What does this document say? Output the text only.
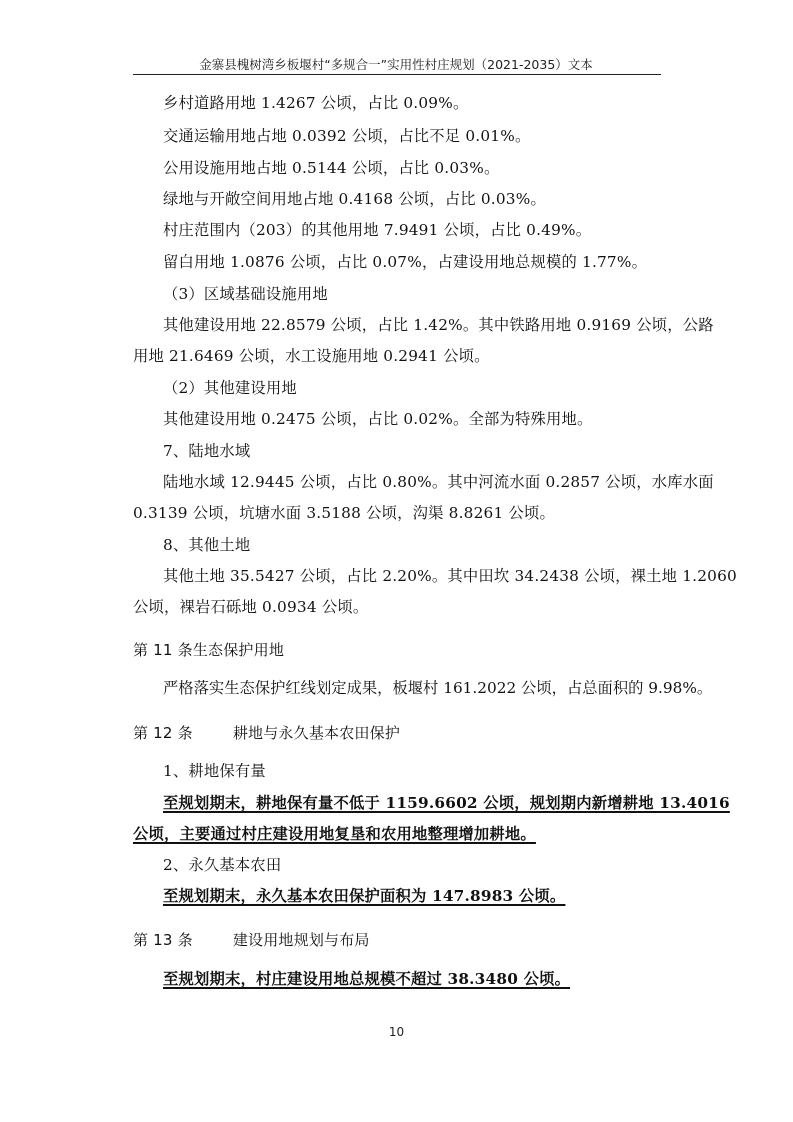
金寨县槐树湾乡板堰村“多规合一”实用性村庄规划（2021-2035）文本
乡村道路用地 1.4267 公顷，占比 0.09%。
交通运输用地占地 0.0392 公顷，占比不足 0.01%。
公用设施用地占地 0.5144 公顷，占比 0.03%。
绿地与开敞空间用地占地 0.4168 公顷，占比 0.03%。
村庄范围内（203）的其他用地 7.9491 公顷，占比 0.49%。
留白用地 1.0876 公顷，占比 0.07%，占建设用地总规模的 1.77%。
（3）区域基础设施用地
其他建设用地 22.8579 公顷，占比 1.42%。其中铁路用地 0.9169 公顷，公路
用地 21.6469 公顷，水工设施用地 0.2941 公顷。
（2）其他建设用地
其他建设用地 0.2475 公顷，占比 0.02%。全部为特殊用地。
7、陆地水域
陆地水域 12.9445 公顷，占比 0.80%。其中河流水面 0.2857 公顷，水库水面
0.3139 公顷，坑塘水面 3.5188 公顷，沟渠 8.8261 公顷。
8、其他土地
其他土地 35.5427 公顷，占比 2.20%。其中田坎 34.2438 公顷，裸土地 1.2060
公顷，裸岩石砾地 0.0934 公顷。
第 11 条生态保护用地
严格落实生态保护红线划定成果，板堰村 161.2022 公顷，占总面积的 9.98%。
第 12 条	耕地与永久基本农田保护
1、耕地保有量
至规划期末，耕地保有量不低于 1159.6602 公顷，规划期内新增耕地 13.4016
公顷，主要通过村庄建设用地复垦和农用地整理增加耕地。
2、永久基本农田
至规划期末，永久基本农田保护面积为 147.8983 公顷。
第 13 条	建设用地规划与布局
至规划期末，村庄建设用地总规模不超过 38.3480 公顷。
10
